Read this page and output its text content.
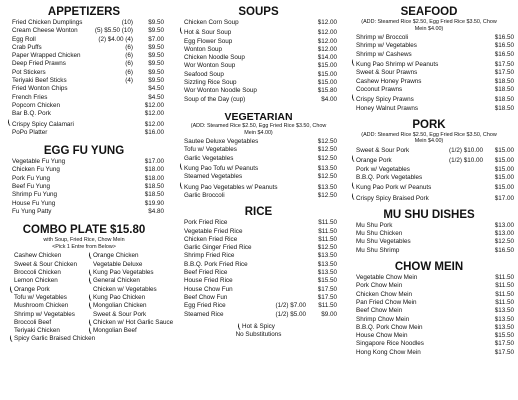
APPETIZERS
Fried Chicken Dumplings	(10)	$9.50
Cream Cheese Wonton	(5) $5.50 (10)	$9.50
Egg Roll	(2) $4.00 (4)	$7.00
Crab Puffs	(6)	$9.50
Paper Wrapped Chicken	(6)	$9.50
Deep Fried Prawns	(6)	$9.50
Pot Stickers	(6)	$9.50
Teriyaki Beef Sticks	(4)	$9.50
Fried Wonton Chips	$4.50
French Fries	$4.50
Popcorn Chicken	$12.00
Bar B.Q. Pork	$12.00
Crispy Spicy Calamari	$12.00
PoPo Platter	$16.00
EGG FU YUNG
Vegetable Fu Yung	$17.00
Chicken Fu Yung	$18.00
Pork Fu Yung	$18.00
Beef Fu Yung	$18.50
Shrimp Fu Yung	$18.50
House Fu Yung	$19.90
Fu Yung Patty	$4.80
COMBO PLATE $15.80
with Soup, Fried Rice, Chow Mein
<Pick 1 Entre from Below>
Cashew Chicken
Sweet & Sour Chicken
Broccoli Chicken
Lemon Chicken
Orange Pork
Tofu w/ Vegetables
Mushroom Chicken
Shrimp w/ Vegetables
Broccoli Beef
Teriyaki Chicken
Spicy Garlic Braised Chicken
Orange Chicken
Vegetable Deluxe
Kung Pao Vegetables
General Chicken
Chicken w/ Vegetables
Kung Pao Chicken
Mongolian Chicken
Sweet & Sour Pork
Chicken w/ Hot Garlic Sauce
Mongolian Beef
SOUPS
Chicken Corn Soup	$12.00
Hot & Sour Soup	$12.00
Egg Flower Soup	$12.00
Wonton Soup	$12.00
Chicken Noodle Soup	$14.00
Wor Wonton Soup	$15.00
Seafood Soup	$15.00
Sizzling Rice Soup	$15.00
Wor Wonton Noodle Soup	$15.80
Soup of the Day (cup)	$4.00
VEGETARIAN
(ADD: Steamed Rice $2.50, Egg Fried Rice $3.50, Chow Mein $4.00)
Sautee Deluxe Vegetables	$12.50
Tofu w/ Vegetables	$12.50
Garlic Vegetables	$12.50
Kung Pao Tofu w/ Peanuts	$13.50
Steamed Vegetables	$12.50
Kung Pao Vegetables w/ Peanuts	$13.50
Garlic Broccoli	$12.50
RICE
Pork Fried Rice	$11.50
Vegetable Fried Rice	$11.50
Chicken Fried Rice	$11.50
Garlic Ginger Fried Rice	$12.50
Shrimp Fried Rice	$13.50
B.B.Q. Pork Fried Rice	$13.50
Beef Fried Rice	$13.50
House Fried Rice	$15.50
House Chow Fun	$17.50
Beef Chow Fun	$17.50
Egg Fried Rice	(1/2) $7.00	$11.50
Steamed Rice	(1/2) $5.00	$9.00
Hot & Spicy
No Substitutions
SEAFOOD
(ADD: Steamed Rice $2.50, Egg Fried Rice $3.50, Chow Mein $4.00)
Shrimp w/ Broccoli	$16.50
Shrimp w/ Vegetables	$16.50
Shrimp w/ Cashews	$16.50
Kung Pao Shrimp w/ Peanuts	$17.50
Sweet & Sour Prawns	$17.50
Cashew Honey Prawns	$18.50
Coconut Prawns	$18.50
Crispy Spicy Prawns	$18.50
Honey Walnut Prawns	$18.50
PORK
(ADD: Steamed Rice $2.50, Egg Fried Rice $3.50, Chow Mein $4.00)
Sweet & Sour Pork	(1/2) $10.00	$15.00
Orange Pork	(1/2) $10.00	$15.00
Pork w/ Vegetables	$15.00
B.B.Q. Pork Vegetables	$15.00
Kung Pao Pork w/ Peanuts	$15.00
Crispy Spicy Braised Pork	$17.00
MU SHU DISHES
Mu Shu Pork	$13.00
Mu Shu Chicken	$13.00
Mu Shu Vegetables	$12.50
Mu Shu Shrimp	$16.50
CHOW MEIN
Vegetable Chow Mein	$11.50
Pork Chow Mein	$11.50
Chicken Chow Mein	$11.50
Pan Fried Chow Mein	$11.50
Beef Chow Mein	$13.50
Shrimp Chow Mein	$13.50
B.B.Q. Pork Chow Mein	$13.50
House Chow Mein	$15.50
Singapore Rice Noodles	$17.50
Hong Kong Chow Mein	$17.50
